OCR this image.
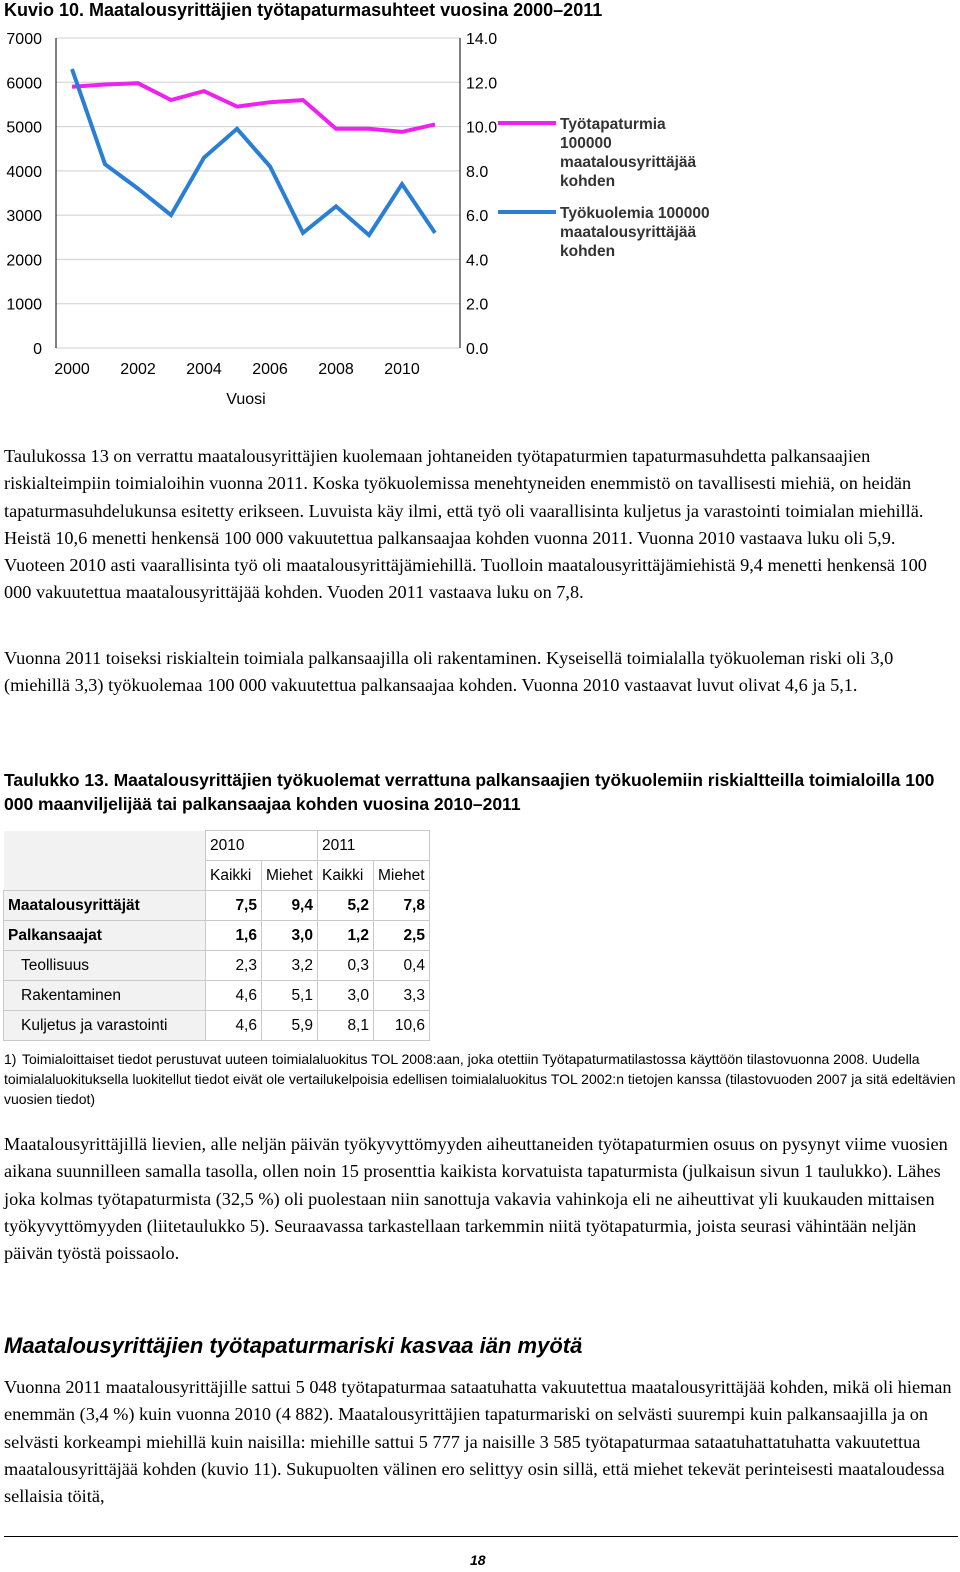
Kuvio 10. Maatalousyrittäjien työtapaturmasuhteet vuosina 2000–2011
7000	14.0
6000	12.0
5000	10.0
4000	8.0
3000	6.0
2000	4.0
1000	2.0
0	0.0
2000 2002 2004 2006 2008 2010
Vuosi
Työtapaturmia
100000
maatalousyrittäjää
kohden
Työkuolemia 100000
maatalousyrittäjää
kohden

Taulukossa 13 on verrattu maatalousyrittäjien kuolemaan johtaneiden työtapaturmien tapaturmasuhdetta palkansaajien riskialteimpiin toimialoihin vuonna 2011. Koska työkuolemissa menehtyneiden enemmistö on tavallisesti miehiä, on heidän tapaturmasuhdelukunsa esitetty erikseen. Luvuista käy ilmi, että työ oli vaarallisinta kuljetus ja varastointi toimialan miehillä. Heistä 10,6 menetti henkensä 100 000 vakuutettua palkansaajaa kohden vuonna 2011. Vuonna 2010 vastaava luku oli 5,9. Vuoteen 2010 asti vaarallisinta työ oli maatalousyrittäjämiehillä. Tuolloin maatalousyrittäjämiehistä 9,4 menetti henkensä 100 000 vakuutettua maatalousyrittäjää kohden. Vuoden 2011 vastaava luku on 7,8.

Vuonna 2011 toiseksi riskialtein toimiala palkansaajilla oli rakentaminen. Kyseisellä toimialalla työkuoleman riski oli 3,0 (miehillä 3,3) työkuolemaa 100 000 vakuutettua palkansaajaa kohden. Vuonna 2010 vastaavat luvut olivat 4,6 ja 5,1.

Taulukko 13. Maatalousyrittäjien työkuolemat verrattuna palkansaajien työkuolemiin riskialtteilla toimialoilla 100 000 maanviljelijää tai palkansaajaa kohden vuosina 2010–2011

	2010		2011	
	Kaikki	Miehet	Kaikki	Miehet
Maatalousyrittäjät	7,5	9,4	5,2	7,8
Palkansaajat	1,6	3,0	1,2	2,5
Teollisuus	2,3	3,2	0,3	0,4
Rakentaminen	4,6	5,1	3,0	3,3
Kuljetus ja varastointi	4,6	5,9	8,1	10,6

1) Toimialoittaiset tiedot perustuvat uuteen toimialaluokitus TOL 2008:aan, joka otettiin Työtapaturmatilastossa käyttöön tilastovuonna 2008. Uudella toimialaluokituksella luokitellut tiedot eivät ole vertailukelpoisia edellisen toimialaluokitus TOL 2002:n tietojen kanssa (tilastovuoden 2007 ja sitä edeltävien vuosien tiedot)

Maatalousyrittäjillä lievien, alle neljän päivän työkyvyttömyyden aiheuttaneiden työtapaturmien osuus on pysynyt viime vuosien aikana suunnilleen samalla tasolla, ollen noin 15 prosenttia kaikista korvatuista tapaturmista (julkaisun sivun 1 taulukko). Lähes joka kolmas työtapaturmista (32,5 %) oli puolestaan niin sanottuja vakavia vahinkoja eli ne aiheuttivat yli kuukauden mittaisen työkyvyttömyyden (liitetaulukko 5). Seuraavassa tarkastellaan tarkemmin niitä työtapaturmia, joista seurasi vähintään neljän päivän työstä poissaolo.

Maatalousyrittäjien työtapaturmariski kasvaa iän myötä

Vuonna 2011 maatalousyrittäjille sattui 5 048 työtapaturmaa sataatuhatta vakuutettua maatalousyrittäjää kohden, mikä oli hieman enemmän (3,4 %) kuin vuonna 2010 (4 882). Maatalousyrittäjien tapaturmariski on selvästi suurempi kuin palkansaajilla ja on selvästi korkeampi miehillä kuin naisilla: miehille sattui 5 777 ja naisille 3 585 työtapaturmaa sataatuhattatuhatta vakuutettua maatalousyrittäjää kohden (kuvio 11). Sukupuolten välinen ero selittyy osin sillä, että miehet tekevät perinteisesti maataloudessa sellaisia töitä,

18
